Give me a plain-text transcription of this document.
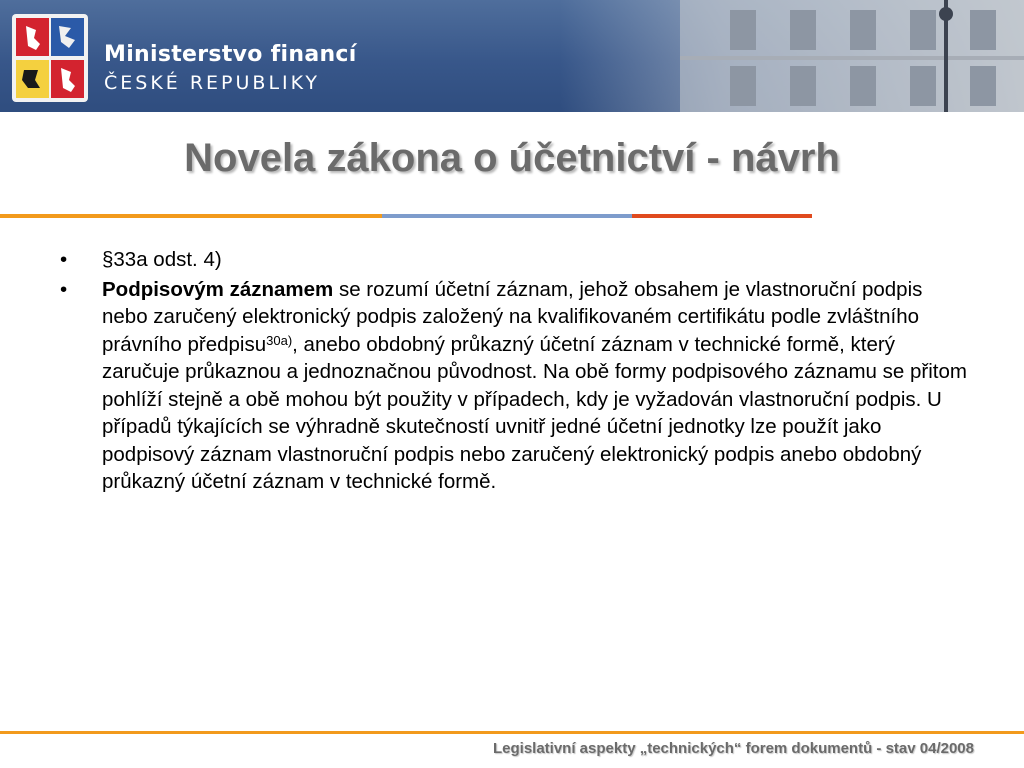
Ministerstvo financí
ČESKÉ REPUBLIKY
Novela zákona o účetnictví - návrh
• §33a odst. 4)

• Podpisovým záznamem se rozumí účetní záznam, jehož obsahem je vlastnoruční podpis nebo zaručený elektronický podpis založený na kvalifikovaném certifikátu podle zvláštního právního předpisu$^{30a)}$, anebo obdobný průkazný účetní záznam v technické formě, který zaručuje průkaznou a jednoznačnou původnost. Na obě formy podpisového záznamu se přitom pohlíží stejně a obě mohou být použity v případech, kdy je vyžadován vlastnoruční podpis. U případů týkajících se výhradně skutečností uvnitř jedné účetní jednotky lze použít jako podpisový záznam vlastnoruční podpis nebo zaručený elektronický podpis anebo obdobný průkazný účetní záznam v technické formě.

Legislativní aspekty „technických“ forem dokumentů - stav 04/2008
